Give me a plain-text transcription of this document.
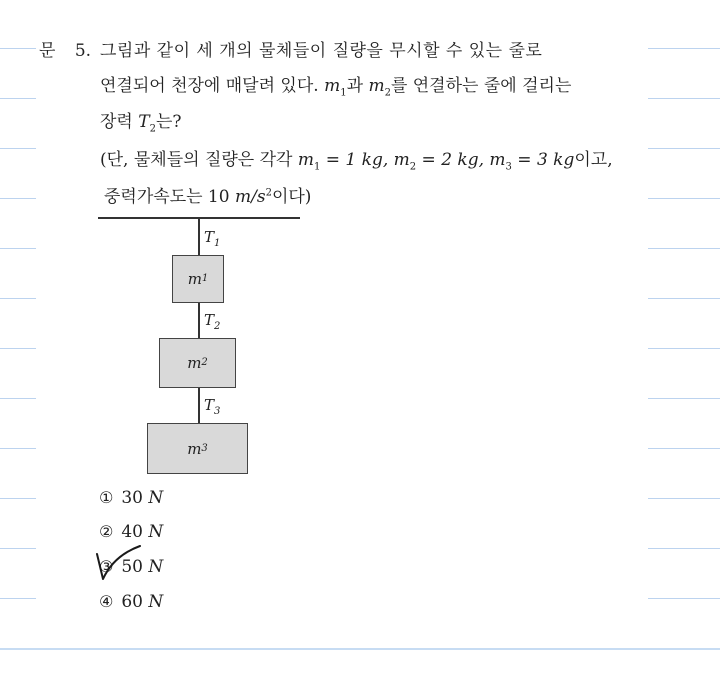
문 5. 그림과 같이 세 개의 물체들이 질량을 무시할 수 있는 줄로
연결되어 천장에 매달려 있다. $m_1$과 $m_2$를 연결하는 줄에 걸리는
장력 $T_2$는?
(단, 물체들의 질량은 각각 $m_1 = 1$ kg, $m_2 = 2$ kg, $m_3 = 3$ kg이고,
중력가속도는 10 $m/s^2$이다)
$T_1$
m 1
$T_2$
m 2
$T_3$
m 3
① 30 N
② 40 N
③ 50 N
④ 60 N
